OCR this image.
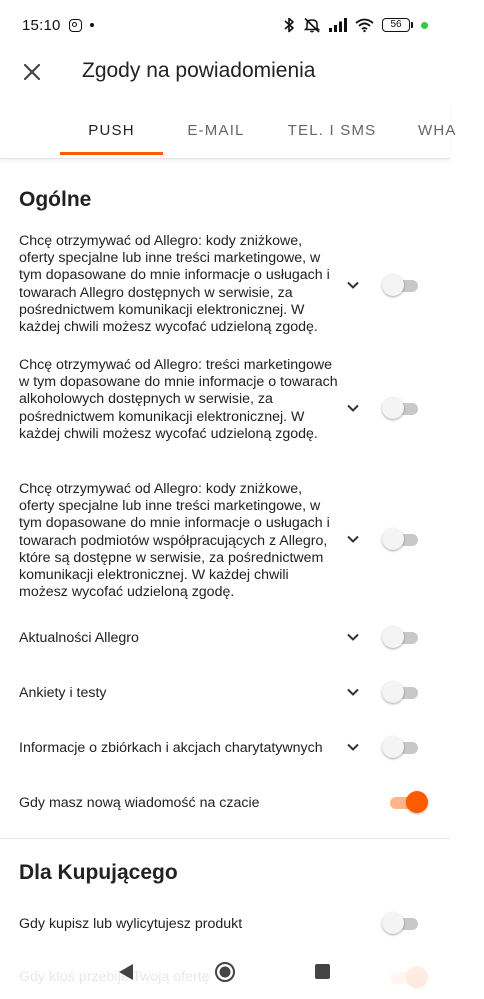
15:10	56
Zgody na powiadomienia
PUSH	E-MAIL	TEL. I SMS	WHA
Ogólne
Chcę otrzymywać od Allegro: kody zniżkowe, oferty specjalne lub inne treści marketingowe, w tym dopasowane do mnie informacje o usługach i towarach Allegro dostępnych w serwisie, za pośrednictwem komunikacji elektronicznej. W każdej chwili możesz wycofać udzieloną zgodę.
Chcę otrzymywać od Allegro: treści marketingowe w tym dopasowane do mnie informacje o towarach alkoholowych dostępnych w serwisie, za pośrednictwem komunikacji elektronicznej. W każdej chwili możesz wycofać udzieloną zgodę.
Chcę otrzymywać od Allegro: kody zniżkowe, oferty specjalne lub inne treści marketingowe, w tym dopasowane do mnie informacje o usługach i towarach podmiotów współpracujących z Allegro, które są dostępne w serwisie, za pośrednictwem komunikacji elektronicznej. W każdej chwili możesz wycofać udzieloną zgodę.
Aktualności Allegro
Ankiety i testy
Informacje o zbiórkach i akcjach charytatywnych
Gdy masz nową wiadomość na czacie
Dla Kupującego
Gdy kupisz lub wylicytujesz produkt
